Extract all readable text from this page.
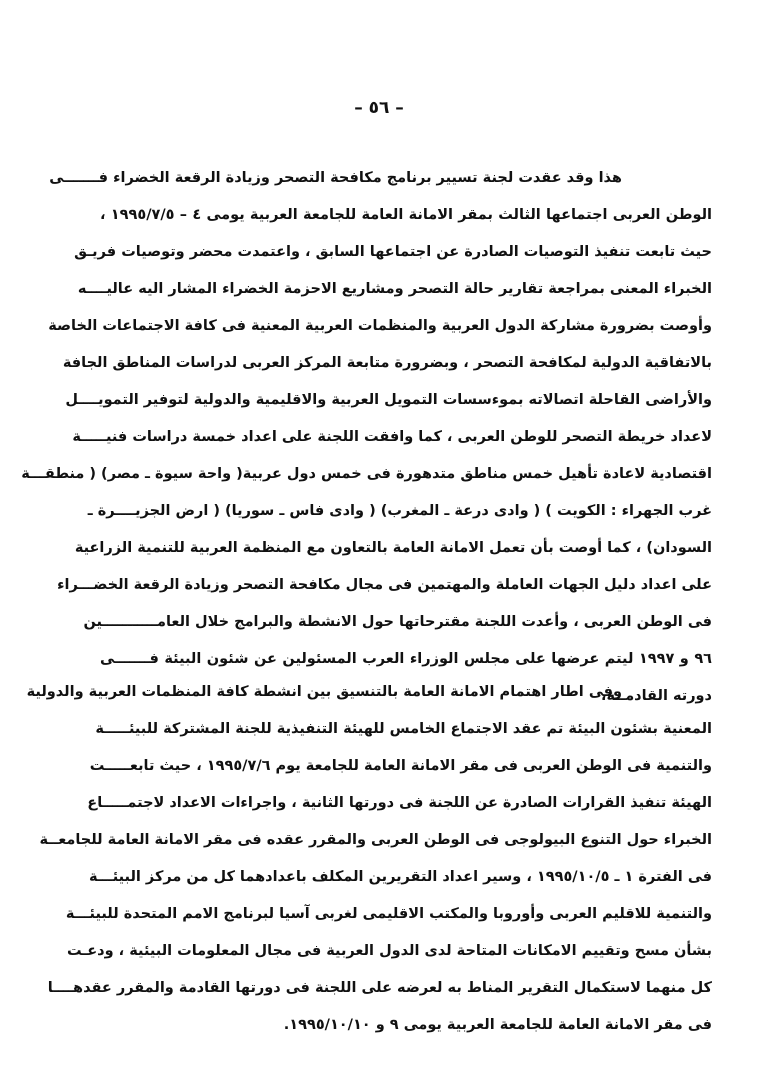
– ٥٦ –
هذا وقد عقدت لجنة تسيير برنامج مكافحة التصحر وزيادة الرقعة الخضراء فـــــــى
الوطن العربى اجتماعها الثالث بمقر الامانة العامة للجامعة العربية يومى ٤ – ١٩٩٥/٧/٥ ،
حيث تابعت تنفيذ التوصيات الصادرة عن اجتماعها السابق ، واعتمدت محضر وتوصيات فريـق
الخبراء المعنى بمراجعة تقارير حالة التصحر ومشاريع الاحزمة الخضراء المشار اليه عاليــــه
وأوصت بضرورة مشاركة الدول العربية والمنظمات العربية المعنية فى كافة الاجتماعات الخاصة
بالاتفاقية الدولية لمكافحة التصحر ، وبضرورة متابعة المركز العربى لدراسات المناطق الجافة
والأراضى القاحلة اتصالاته بموءسسات التمويل العربية والاقليمية والدولية لتوفير التمويــــل
لاعداد خريطة التصحر للوطن العربى ، كما وافقت اللجنة على اعداد خمسة دراسات فنيـــــة
اقتصادية لاعادة تأهيل خمس مناطق متدهورة فى خمس دول عربية( واحة سيوة ـ مصر) ( منطقـــة
غرب الجهراء : الكويت ) ( وادى درعة ـ المغرب) ( وادى فاس ـ سوريا) ( ارض الجزيــــرة ـ
السودان) ، كما أوصت بأن تعمل الامانة العامة بالتعاون مع المنظمة العربية للتنمية الزراعية
على اعداد دليل الجهات العاملة والمهتمين فى مجال مكافحة التصحر وزيادة الرقعة الخضـــراء
فى الوطن العربى ، وأعدت اللجنة مقترحاتها حول الانشطة والبرامج خلال العامـــــــــــين
٩٦ و ١٩٩٧ ليتم عرضها على مجلس الوزراء العرب المسئولين عن شئون البيئة فـــــــى
دورته القادمــة،
وفى اطار اهتمام الامانة العامة بالتنسيق بين انشطة كافة المنظمات العربية والدولية
المعنية بشئون البيئة تم عقد الاجتماع الخامس للهيئة التنفيذية للجنة المشتركة للبيئـــــة
والتنمية فى الوطن العربى فى مقر الامانة العامة للجامعة يوم ١٩٩٥/٧/٦ ، حيث تابعـــــت
الهيئة تنفيذ القرارات الصادرة عن اللجنة فى دورتها الثانية ، واجراءات الاعداد لاجتمـــــاع
الخبراء حول التنوع البيولوجى فى الوطن العربى والمقرر عقده فى مقر الامانة العامة للجامعــة
فى الفترة ١ ـ ١٩٩٥/١٠/٥ ، وسير اعداد التقريرين المكلف باعدادهما كل من مركز البيئـــة
والتنمية للاقليم العربى وأوروبا والمكتب الاقليمى لغربى آسيا لبرنامج الامم المتحدة للبيئـــة
بشأن مسح وتقييم الامكانات المتاحة لدى الدول العربية فى مجال المعلومات البيئية ، ودعـت
كل منهما لاستكمال التقرير المناط به لعرضه على اللجنة فى دورتها القادمة والمقرر عقدهــــا
فى مقر الامانة العامة للجامعة العربية يومى ٩ و ١٩٩٥/١٠/١٠.
